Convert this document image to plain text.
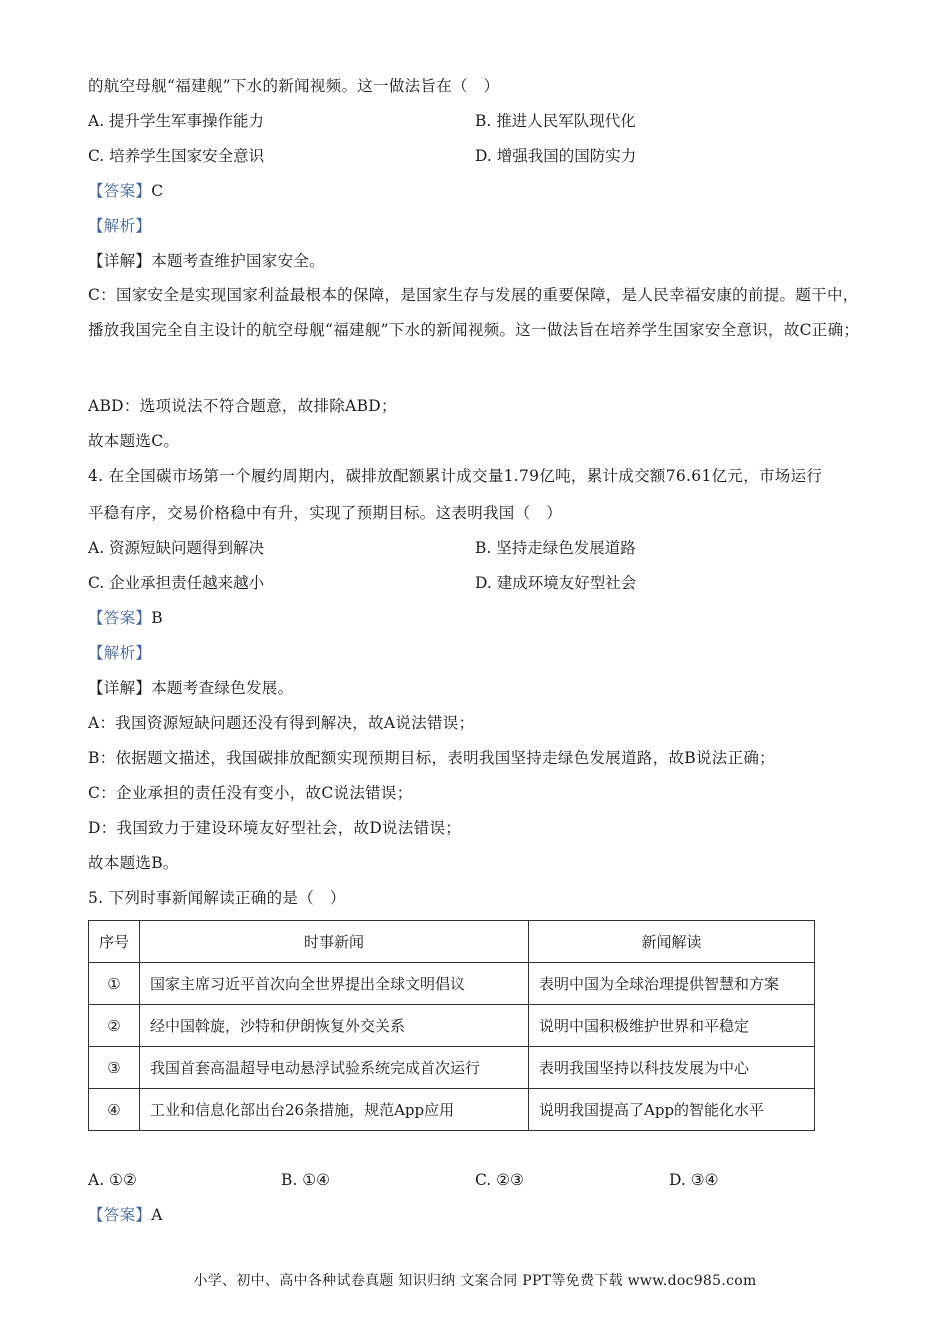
的航空母舰“福建舰”下水的新闻视频。这一做法旨在（　）
A. 提升学生军事操作能力	B. 推进人民军队现代化
C. 培养学生国家安全意识	D. 增强我国的国防实力
【答案】C
【解析】
【详解】本题考查维护国家安全。
C：国家安全是实现国家利益最根本的保障，是国家生存与发展的重要保障，是人民幸福安康的前提。题干中，播放我国完全自主设计的航空母舰“福建舰”下水的新闻视频。这一做法旨在培养学生国家安全意识，故C正确；
ABD：选项说法不符合题意，故排除ABD；
故本题选C。
4. 在全国碳市场第一个履约周期内，碳排放配额累计成交量1.79亿吨，累计成交额76.61亿元，市场运行
平稳有序，交易价格稳中有升，实现了预期目标。这表明我国（　）
A. 资源短缺问题得到解决	B. 坚持走绿色发展道路
C. 企业承担责任越来越小	D. 建成环境友好型社会
【答案】B
【解析】
【详解】本题考查绿色发展。
A：我国资源短缺问题还没有得到解决，故A说法错误；
B：依据题文描述，我国碳排放配额实现预期目标，表明我国坚持走绿色发展道路，故B说法正确；
C：企业承担的责任没有变小，故C说法错误；
D：我国致力于建设环境友好型社会，故D说法错误；
故本题选B。
5. 下列时事新闻解读正确的是（　）
序号	时事新闻	新闻解读
①	国家主席习近平首次向全世界提出全球文明倡议	表明中国为全球治理提供智慧和方案
②	经中国斡旋，沙特和伊朗恢复外交关系	说明中国积极维护世界和平稳定
③	我国首套高温超导电动悬浮试验系统完成首次运行	表明我国坚持以科技发展为中心
④	工业和信息化部出台26条措施，规范App应用	说明我国提高了App的智能化水平
A. ①②	B. ①④	C. ②③	D. ③④
【答案】A
小学、初中、高中各种试卷真题 知识归纳 文案合同 PPT等免费下载 www.doc985.com
